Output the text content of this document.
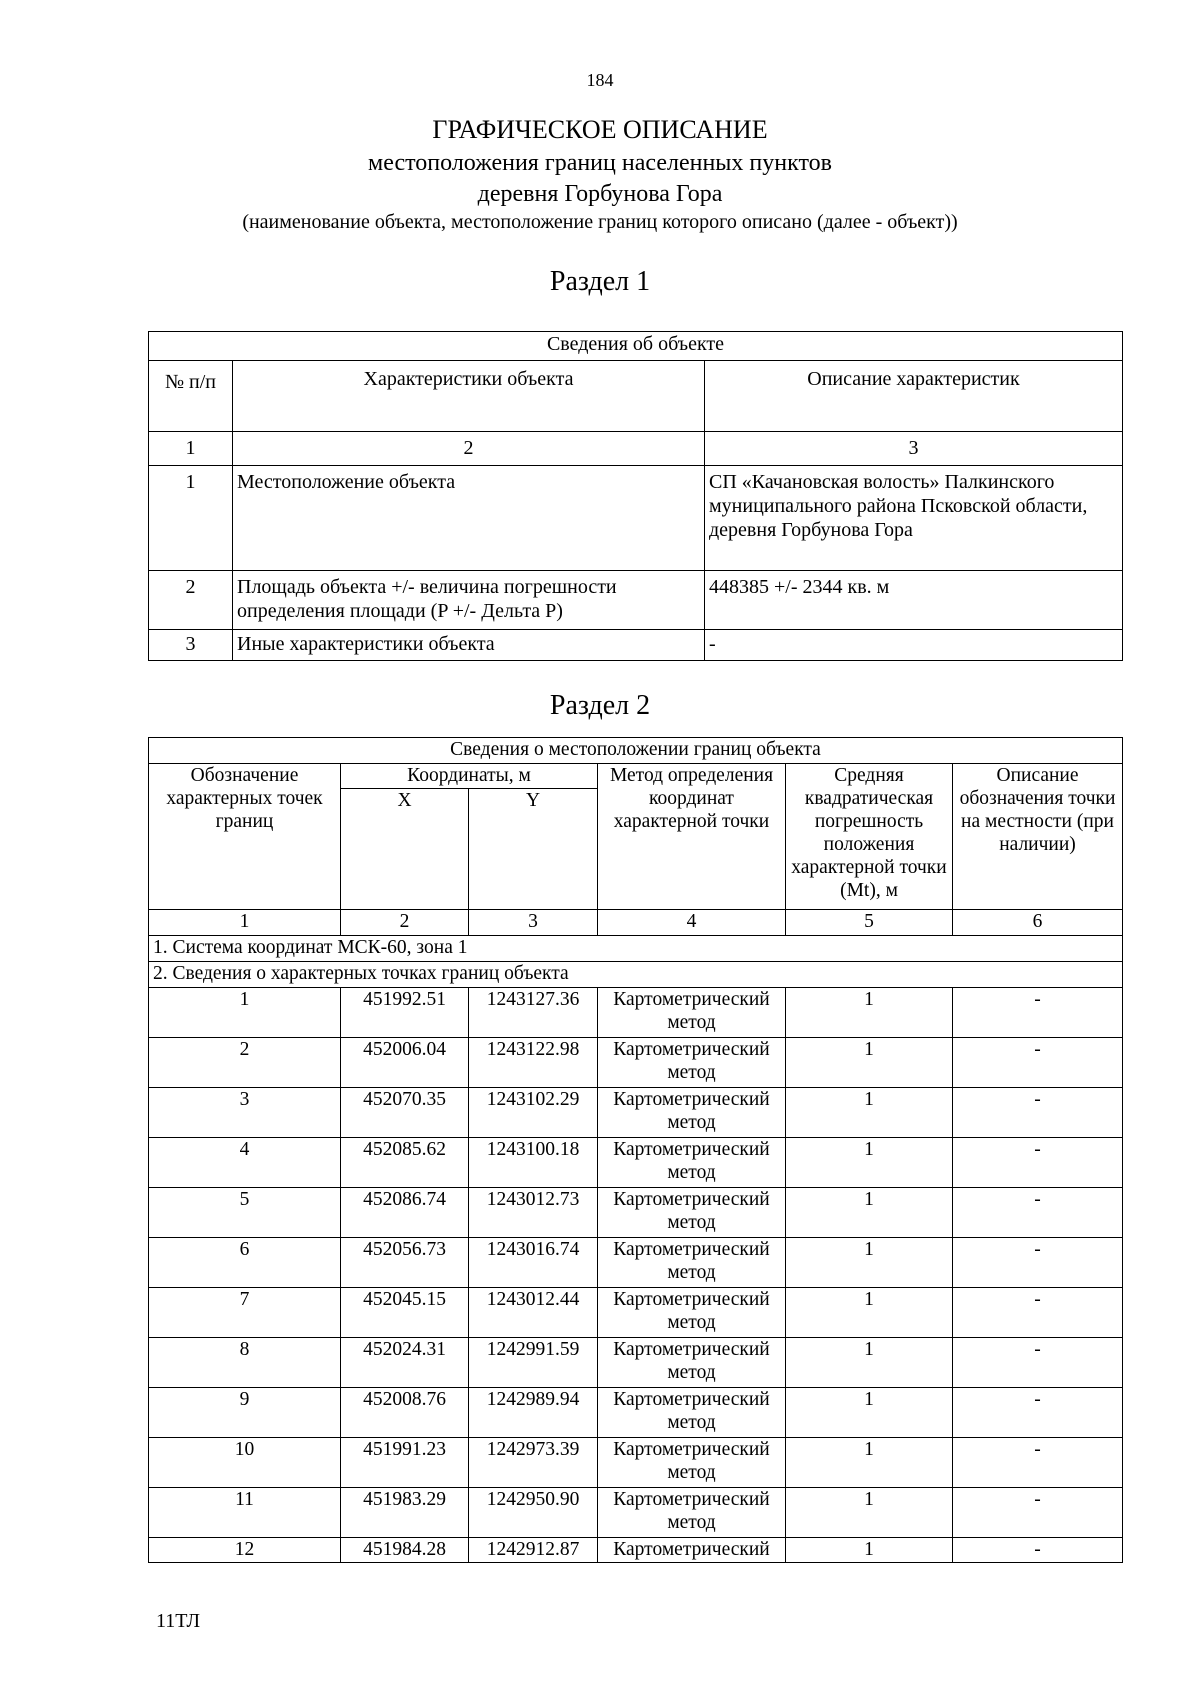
184
ГРАФИЧЕСКОЕ ОПИСАНИЕ
местоположения границ населенных пунктов
деревня Горбунова Гора
(наименование объекта, местоположение границ которого описано (далее - объект))
Раздел 1
Сведения об объекте		
№ п/п	Характеристики объекта	Описание характеристик
1	2	3
1	Местоположение объекта	СП «Качановская волость» Палкинского муниципального района Псковской области, деревня Горбунова Гора
2	Площадь объекта +/- величина погрешности определения площади (P +/- Дельта P)	448385 +/- 2344 кв. м
3	Иные характеристики объекта	-
Раздел 2
Сведения о местоположении границ объекта					
Обозначение характерных точек границ	Координаты, м		Метод определения координат характерной точки	Средняя квадратическая погрешность положения характерной точки (Mt), м	Описание обозначения точки на местности (при наличии)
	X	Y			
1	2	3	4	5	6
1. Система координат МСК-60, зона 1					
2. Сведения о характерных точках границ объекта					
1	451992.51	1243127.36	Картометрический метод	1	-
2	452006.04	1243122.98	Картометрический метод	1	-
3	452070.35	1243102.29	Картометрический метод	1	-
4	452085.62	1243100.18	Картометрический метод	1	-
5	452086.74	1243012.73	Картометрический метод	1	-
6	452056.73	1243016.74	Картометрический метод	1	-
7	452045.15	1243012.44	Картометрический метод	1	-
8	452024.31	1242991.59	Картометрический метод	1	-
9	452008.76	1242989.94	Картометрический метод	1	-
10	451991.23	1242973.39	Картометрический метод	1	-
11	451983.29	1242950.90	Картометрический метод	1	-
12	451984.28	1242912.87	Картометрический	1	-
11ТЛ
